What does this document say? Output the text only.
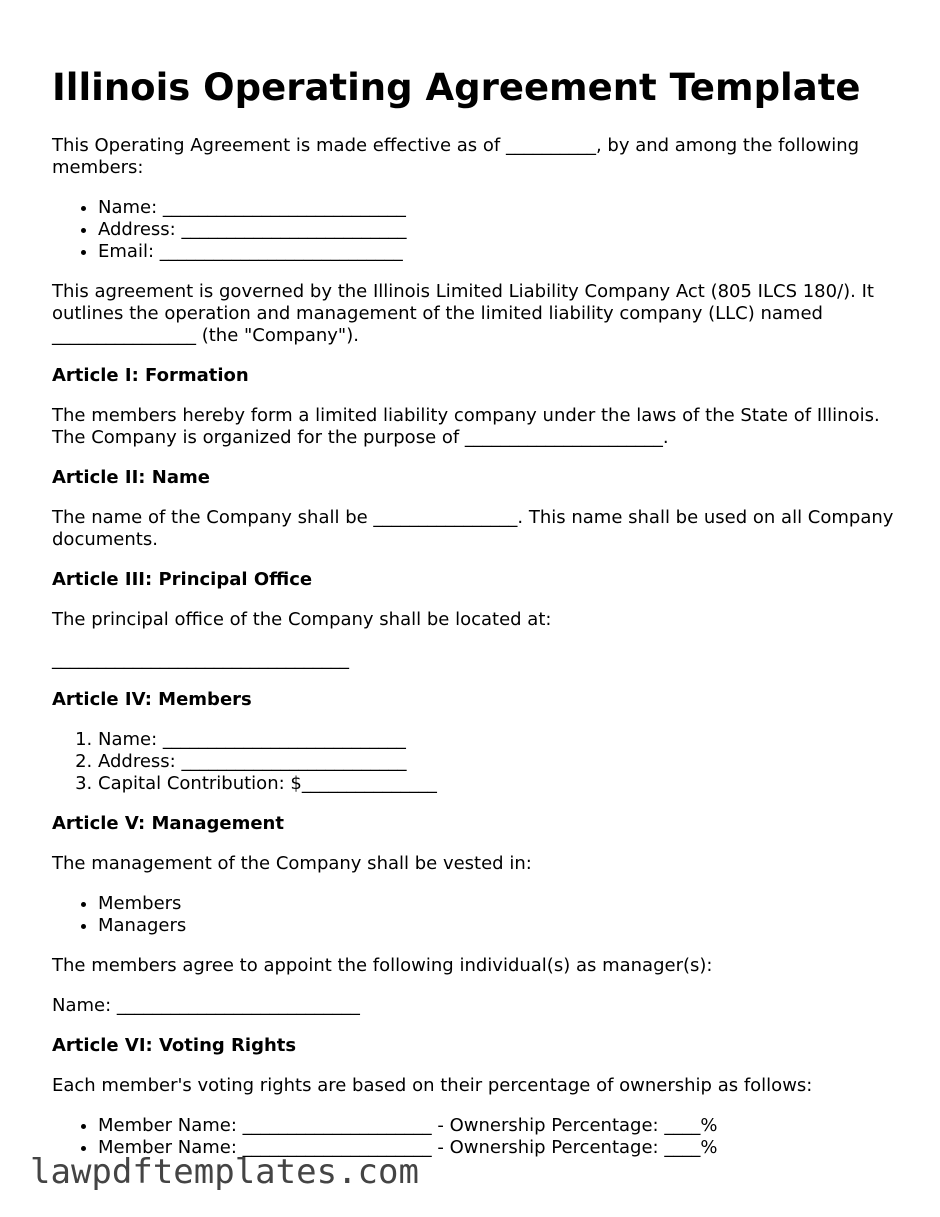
Illinois Operating Agreement Template

This Operating Agreement is made effective as of __________, by and among the following members:

• Name: ___________________________
• Address: _________________________
• Email: ___________________________

This agreement is governed by the Illinois Limited Liability Company Act (805 ILCS 180/). It outlines the operation and management of the limited liability company (LLC) named ________________ (the "Company").

Article I: Formation

The members hereby form a limited liability company under the laws of the State of Illinois. The Company is organized for the purpose of ______________________.

Article II: Name

The name of the Company shall be ________________. This name shall be used on all Company documents.

Article III: Principal Office

The principal office of the Company shall be located at:

_________________________________

Article IV: Members
1. Name: ___________________________
2. Address: _________________________
3. Capital Contribution: $_______________
Article V: Management

The management of the Company shall be vested in:

• Members
• Managers

The members agree to appoint the following individual(s) as manager(s):

Name: ___________________________

Article VI: Voting Rights

Each member's voting rights are based on their percentage of ownership as follows:

• Member Name: _____________________ - Ownership Percentage: ____%
• Member Name: _____________________ - Ownership Percentage: ____%
lawpdftemplates.com
